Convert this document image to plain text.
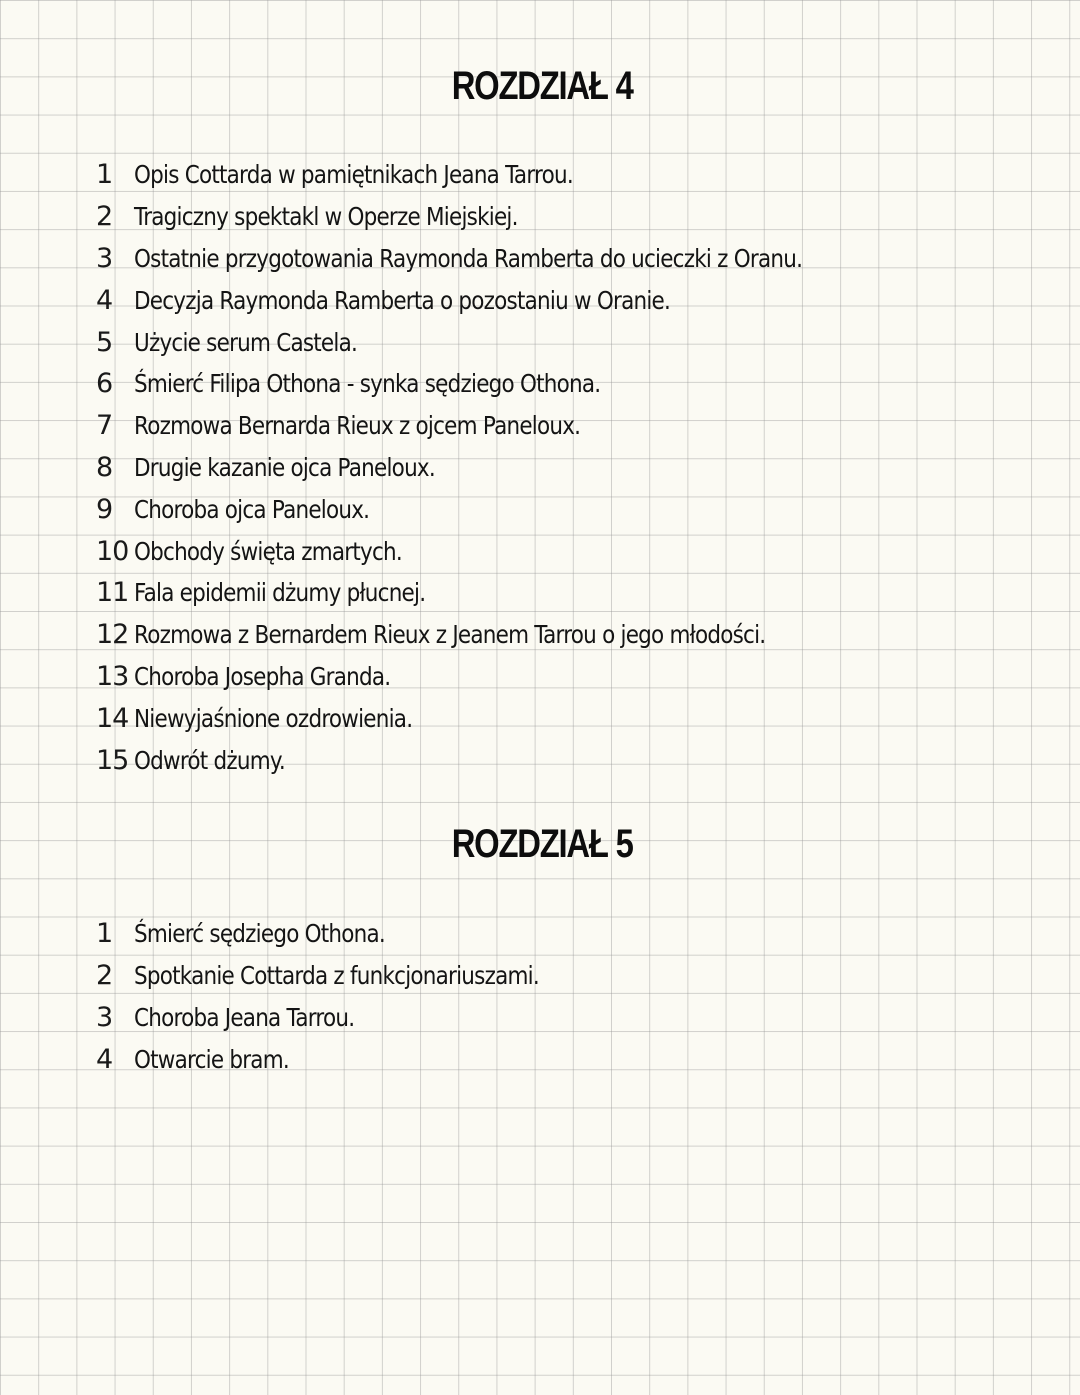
ROZDZIAŁ 4
1 Opis Cottarda w pamiętnikach Jeana Tarrou.
2 Tragiczny spektakl w Operze Miejskiej.
3 Ostatnie przygotowania Raymonda Ramberta do ucieczki z Oranu.
4 Decyzja Raymonda Ramberta o pozostaniu w Oranie.
5 Użycie serum Castela.
6 Śmierć Filipa Othona - synka sędziego Othona.
7 Rozmowa Bernarda Rieux z ojcem Paneloux.
8 Drugie kazanie ojca Paneloux.
9 Choroba ojca Paneloux.
10 Obchody święta zmartych.
11 Fala epidemii dżumy płucnej.
12 Rozmowa z Bernardem Rieux z Jeanem Tarrou o jego młodości.
13 Choroba Josepha Granda.
14 Niewyjaśnione ozdrowienia.
15 Odwrót dżumy.
ROZDZIAŁ 5
1 Śmierć sędziego Othona.
2 Spotkanie Cottarda z funkcjonariuszami.
3 Choroba Jeana Tarrou.
4 Otwarcie bram.
